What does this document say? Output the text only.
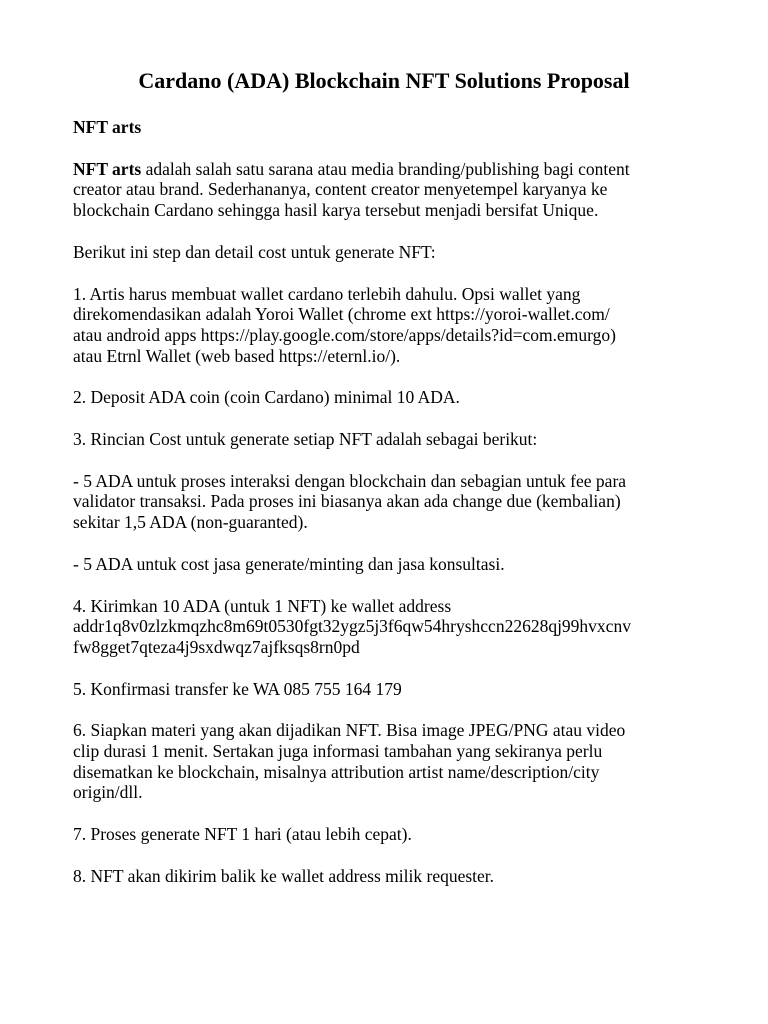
Cardano (ADA) Blockchain NFT Solutions Proposal
NFT arts
NFT arts adalah salah satu sarana atau media branding/publishing bagi content
creator atau brand. Sederhananya, content creator menyetempel karyanya ke
blockchain Cardano sehingga hasil karya tersebut menjadi bersifat Unique.
Berikut ini step dan detail cost untuk generate NFT:
1. Artis harus membuat wallet cardano terlebih dahulu. Opsi wallet yang
direkomendasikan adalah Yoroi Wallet (chrome ext https://yoroi-wallet.com/
atau android apps https://play.google.com/store/apps/details?id=com.emurgo)
atau Etrnl Wallet (web based https://eternl.io/).
2. Deposit ADA coin (coin Cardano) minimal 10 ADA.
3. Rincian Cost untuk generate setiap NFT adalah sebagai berikut:
- 5 ADA untuk proses interaksi dengan blockchain dan sebagian untuk fee para
validator transaksi. Pada proses ini biasanya akan ada change due (kembalian)
sekitar 1,5 ADA (non-guaranted).
- 5 ADA untuk cost jasa generate/minting dan jasa konsultasi.
4. Kirimkan 10 ADA (untuk 1 NFT) ke wallet address
addr1q8v0zlzkmqzhc8m69t0530fgt32ygz5j3f6qw54hryshccn22628qj99hvxcnv
fw8gget7qteza4j9sxdwqz7ajfksqs8rn0pd
5. Konfirmasi transfer ke WA 085 755 164 179
6. Siapkan materi yang akan dijadikan NFT. Bisa image JPEG/PNG atau video
clip durasi 1 menit. Sertakan juga informasi tambahan yang sekiranya perlu
disematkan ke blockchain, misalnya attribution artist name/description/city
origin/dll.
7. Proses generate NFT 1 hari (atau lebih cepat).
8. NFT akan dikirim balik ke wallet address milik requester.
